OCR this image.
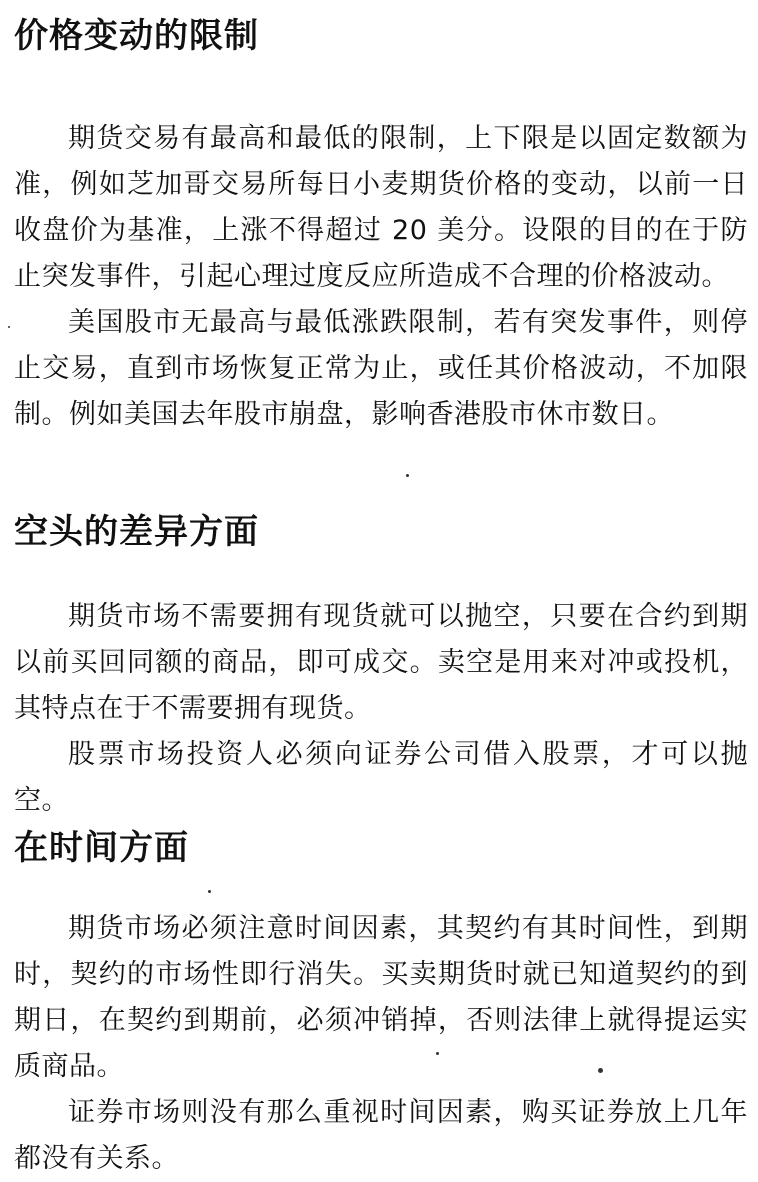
价格变动的限制

期货交易有最高和最低的限制，上下限是以固定数额为准，例如芝加哥交易所每日小麦期货价格的变动，以前一日收盘价为基准，上涨不得超过 20 美分。设限的目的在于防止突发事件，引起心理过度反应所造成不合理的价格波动。

美国股市无最高与最低涨跌限制，若有突发事件，则停止交易，直到市场恢复正常为止，或任其价格波动，不加限制。例如美国去年股市崩盘，影响香港股市休市数日。

空头的差异方面

期货市场不需要拥有现货就可以抛空，只要在合约到期以前买回同额的商品，即可成交。卖空是用来对冲或投机，其特点在于不需要拥有现货。

股票市场投资人必须向证券公司借入股票，才可以抛空。

在时间方面

期货市场必须注意时间因素，其契约有其时间性，到期时，契约的市场性即行消失。买卖期货时就已知道契约的到期日，在契约到期前，必须冲销掉，否则法律上就得提运实质商品。

证券市场则没有那么重视时间因素，购买证券放上几年都没有关系。
